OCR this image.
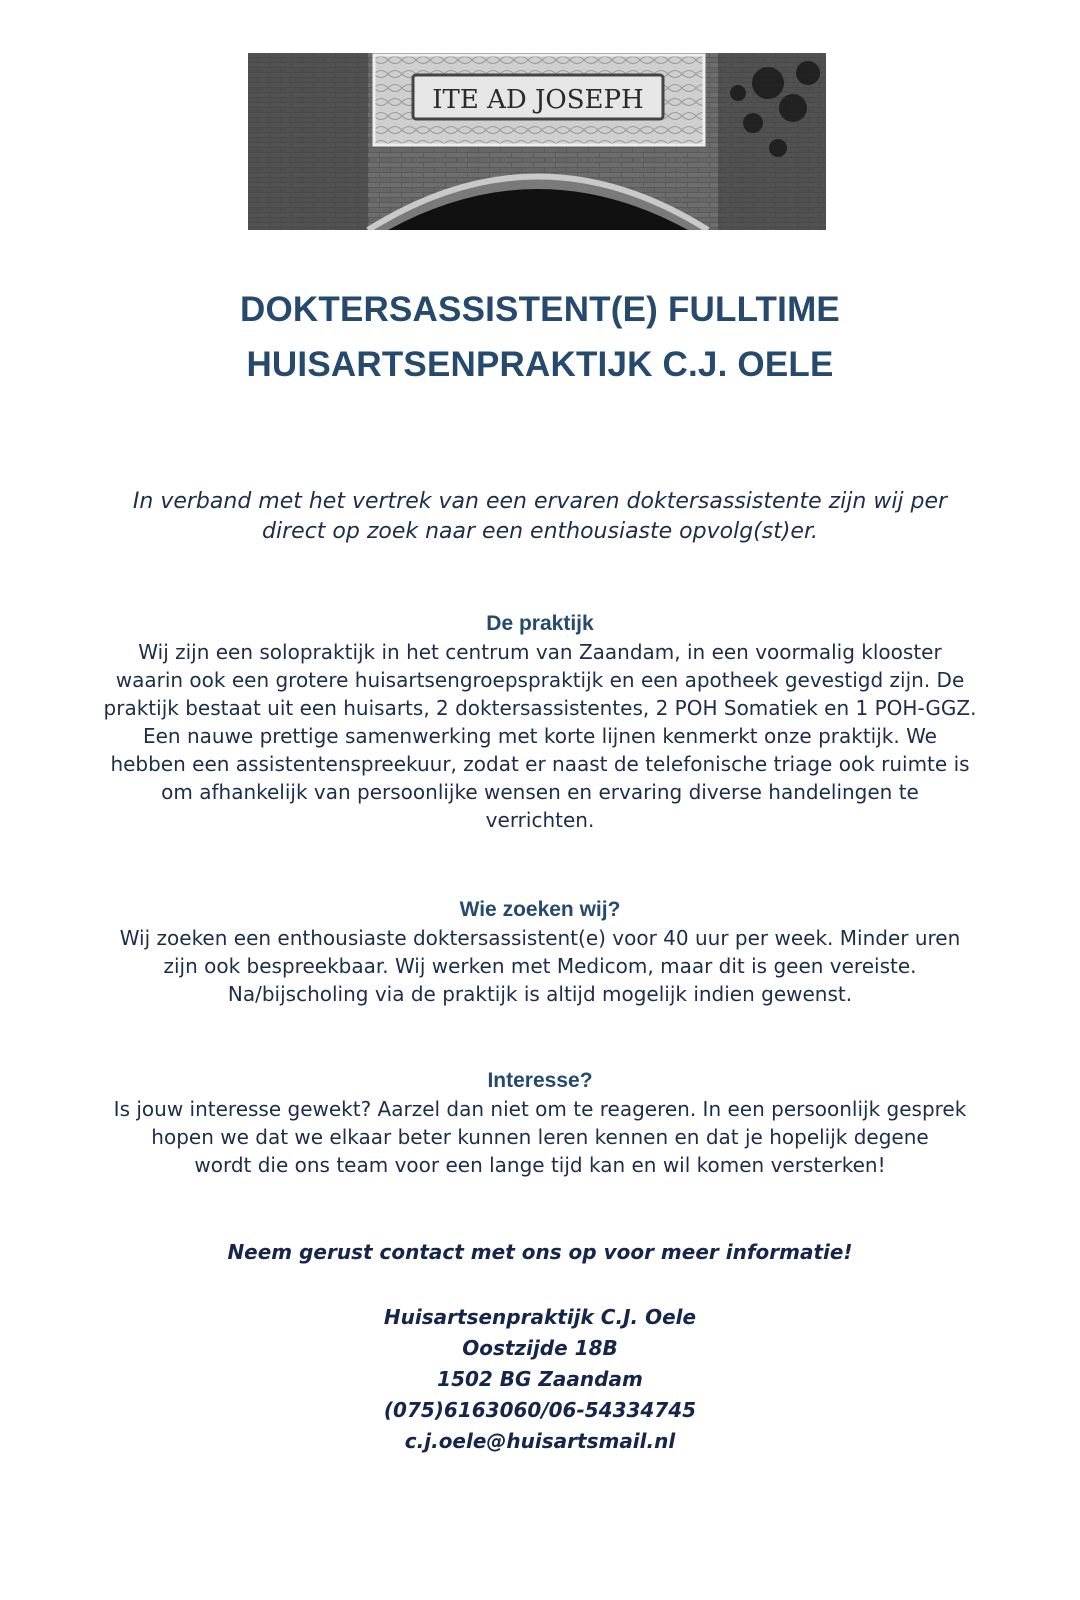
ITE AD JOSEPH
DOKTERSASSISTENT(E) FULLTIME
HUISARTSENPRAKTIJK C.J. OELE

In verband met het vertrek van een ervaren doktersassistente zijn wij per
direct op zoek naar een enthousiaste opvolg(st)er.

De praktijk

Wij zijn een solopraktijk in het centrum van Zaandam, in een voormalig klooster
waarin ook een grotere huisartsengroepspraktijk en een apotheek gevestigd zijn. De
praktijk bestaat uit een huisarts, 2 doktersassistentes, 2 POH Somatiek en 1 POH-GGZ.
Een nauwe prettige samenwerking met korte lijnen kenmerkt onze praktijk. We
hebben een assistentenspreekuur, zodat er naast de telefonische triage ook ruimte is
om afhankelijk van persoonlijke wensen en ervaring diverse handelingen te
verrichten.

Wie zoeken wij?

Wij zoeken een enthousiaste doktersassistent(e) voor 40 uur per week. Minder uren
zijn ook bespreekbaar. Wij werken met Medicom, maar dit is geen vereiste.
Na/bijscholing via de praktijk is altijd mogelijk indien gewenst.

Interesse?

Is jouw interesse gewekt? Aarzel dan niet om te reageren. In een persoonlijk gesprek
hopen we dat we elkaar beter kunnen leren kennen en dat je hopelijk degene
wordt die ons team voor een lange tijd kan en wil komen versterken!

Neem gerust contact met ons op voor meer informatie!

Huisartsenpraktijk C.J. Oele
Oostzijde 18B
1502 BG Zaandam
(075)6163060/06-54334745
c.j.oele@huisartsmail.nl
